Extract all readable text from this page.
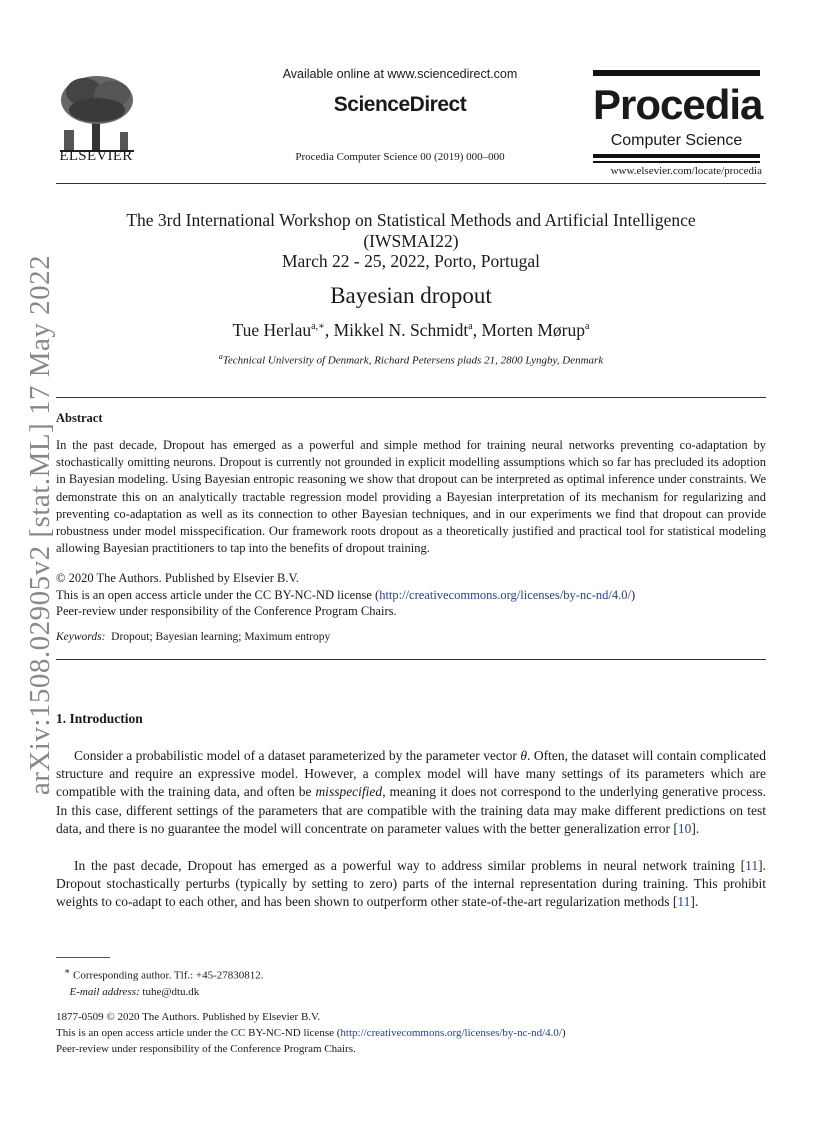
arXiv:1508.02905v2 [stat.ML] 17 May 2022
ELSEVIER
Available online at www.sciencedirect.com
ScienceDirect
Procedia Computer Science 00 (2019) 000–000
Procedia
Computer Science
www.elsevier.com/locate/procedia
The 3rd International Workshop on Statistical Methods and Artificial Intelligence
(IWSMAI22)
March 22 - 25, 2022, Porto, Portugal
Bayesian dropout
Tue Herlau$^{a,∗}$, Mikkel N. Schmidt$^a$, Morten Mørup$^a$
$^a$Technical University of Denmark, Richard Petersens plads 21, 2800 Lyngby, Denmark
Abstract
In the past decade, Dropout has emerged as a powerful and simple method for training neural networks preventing co-adaptation by stochastically omitting neurons. Dropout is currently not grounded in explicit modelling assumptions which so far has precluded its adoption in Bayesian modeling. Using Bayesian entropic reasoning we show that dropout can be interpreted as optimal inference under constraints. We demonstrate this on an analytically tractable regression model providing a Bayesian interpretation of its mechanism for regularizing and preventing co-adaptation as well as its connection to other Bayesian techniques, and in our experiments we find that dropout can provide robustness under model misspecification. Our framework roots dropout as a theoretically justified and practical tool for statistical modeling allowing Bayesian practitioners to tap into the benefits of dropout training.
© 2020 The Authors. Published by Elsevier B.V.
This is an open access article under the CC BY-NC-ND license (http://creativecommons.org/licenses/by-nc-nd/4.0/)
Peer-review under responsibility of the Conference Program Chairs.
Keywords: Dropout; Bayesian learning; Maximum entropy
1. Introduction
Consider a probabilistic model of a dataset parameterized by the parameter vector θ. Often, the dataset will contain complicated structure and require an expressive model. However, a complex model will have many settings of its parameters which are compatible with the training data, and often be misspecified, meaning it does not correspond to the underlying generative process. In this case, different settings of the parameters that are compatible with the training data may make different predictions on test data, and there is no guarantee the model will concentrate on parameter values with the better generalization error [10].
In the past decade, Dropout has emerged as a powerful way to address similar problems in neural network training [11]. Dropout stochastically perturbs (typically by setting to zero) parts of the internal representation during training. This prohibit weights to co-adapt to each other, and has been shown to outperform other state-of-the-art regularization methods [11].
∗ Corresponding author. Tlf.: +45-27830812.
E-mail address: tuhe@dtu.dk
1877-0509 © 2020 The Authors. Published by Elsevier B.V.
This is an open access article under the CC BY-NC-ND license (http://creativecommons.org/licenses/by-nc-nd/4.0/)
Peer-review under responsibility of the Conference Program Chairs.
